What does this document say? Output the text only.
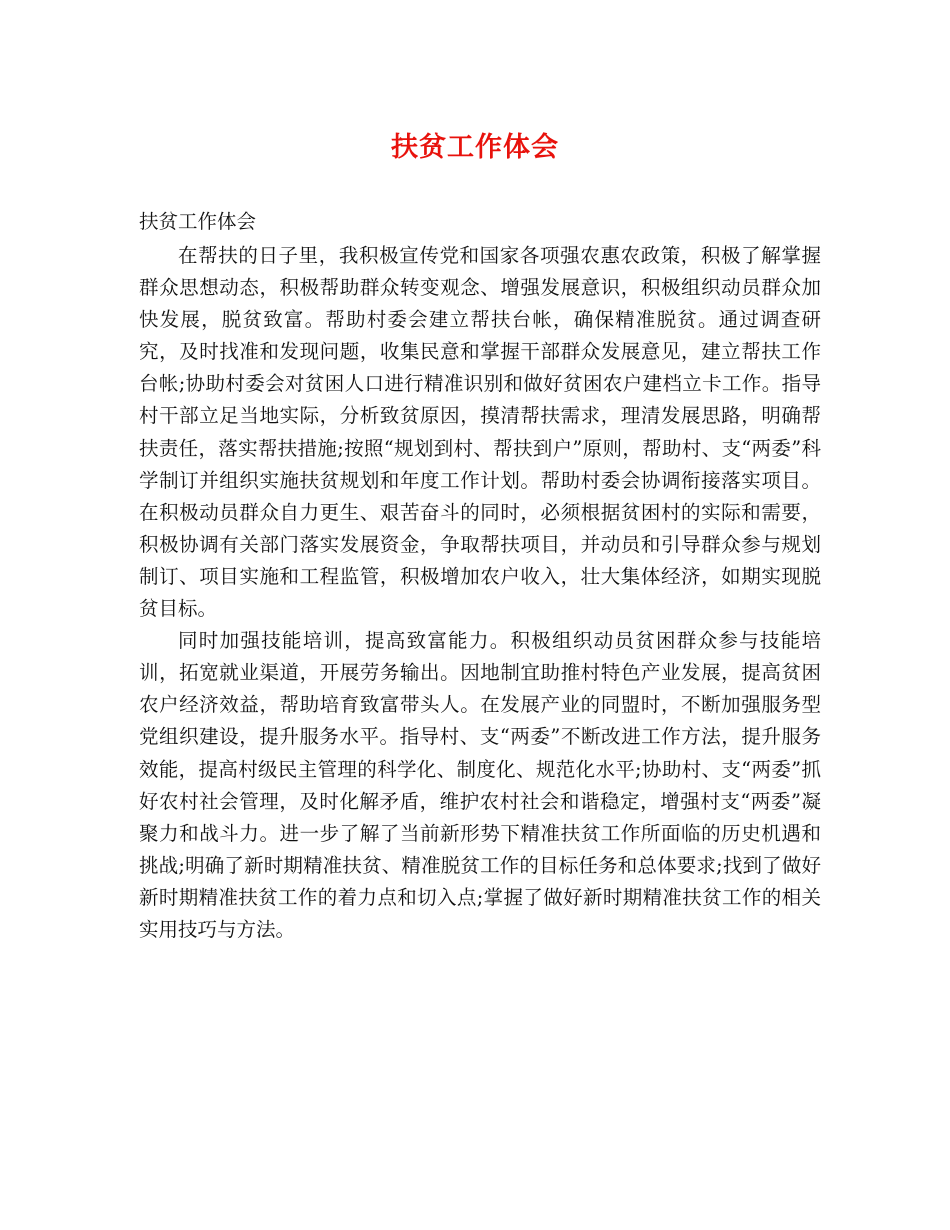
扶贫工作体会
扶贫工作体会

在帮扶的日子里，我积极宣传党和国家各项强农惠农政策，积极了解掌握群众思想动态，积极帮助群众转变观念、增强发展意识，积极组织动员群众加快发展，脱贫致富。帮助村委会建立帮扶台帐，确保精准脱贫。通过调查研究，及时找准和发现问题，收集民意和掌握干部群众发展意见，建立帮扶工作台帐;协助村委会对贫困人口进行精准识别和做好贫困农户建档立卡工作。指导村干部立足当地实际，分析致贫原因，摸清帮扶需求，理清发展思路，明确帮扶责任，落实帮扶措施;按照“规划到村、帮扶到户”原则，帮助村、支“两委”科学制订并组织实施扶贫规划和年度工作计划。帮助村委会协调衔接落实项目。在积极动员群众自力更生、艰苦奋斗的同时，必须根据贫困村的实际和需要，积极协调有关部门落实发展资金，争取帮扶项目，并动员和引导群众参与规划制订、项目实施和工程监管，积极增加农户收入，壮大集体经济，如期实现脱贫目标。

同时加强技能培训，提高致富能力。积极组织动员贫困群众参与技能培训，拓宽就业渠道，开展劳务输出。因地制宜助推村特色产业发展，提高贫困农户经济效益，帮助培育致富带头人。在发展产业的同盟时，不断加强服务型党组织建设，提升服务水平。指导村、支“两委”不断改进工作方法，提升服务效能，提高村级民主管理的科学化、制度化、规范化水平;协助村、支“两委”抓好农村社会管理，及时化解矛盾，维护农村社会和谐稳定，增强村支“两委”凝聚力和战斗力。进一步了解了当前新形势下精准扶贫工作所面临的历史机遇和挑战;明确了新时期精准扶贫、精准脱贫工作的目标任务和总体要求;找到了做好新时期精准扶贫工作的着力点和切入点;掌握了做好新时期精准扶贫工作的相关实用技巧与方法。
